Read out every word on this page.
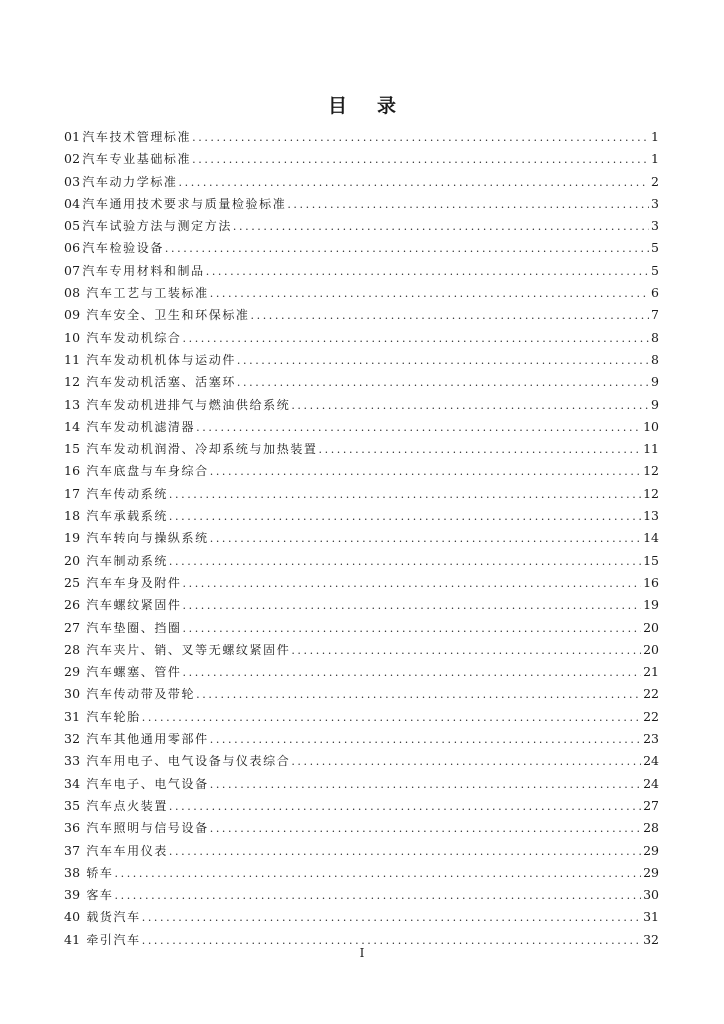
目 录
01 汽车技术管理标准 .....	1
02 汽车专业基础标准 .....	1
03 汽车动力学标准 .....	2
04 汽车通用技术要求与质量检验标准 .....	3
05 汽车试验方法与测定方法 .....	3
06 汽车检验设备 .....	5
07 汽车专用材料和制品 .....	5
08 汽车工艺与工装标准 .....	6
09 汽车安全、卫生和环保标准 .....	7
10 汽车发动机综合 .....	8
11 汽车发动机机体与运动件 .....	8
12 汽车发动机活塞、活塞环 .....	9
13 汽车发动机进排气与燃油供给系统 .....	9
14 汽车发动机滤清器 .....	10
15 汽车发动机润滑、冷却系统与加热装置 .....	11
16 汽车底盘与车身综合 .....	12
17 汽车传动系统 .....	12
18 汽车承载系统 .....	13
19 汽车转向与操纵系统 .....	14
20 汽车制动系统 .....	15
25 汽车车身及附件 .....	16
26 汽车螺纹紧固件 .....	19
27 汽车垫圈、挡圈 .....	20
28 汽车夹片、销、叉等无螺纹紧固件 .....	20
29 汽车螺塞、管件 .....	21
30 汽车传动带及带轮 .....	22
31 汽车轮胎 .....	22
32 汽车其他通用零部件 .....	23
33 汽车用电子、电气设备与仪表综合 .....	24
34 汽车电子、电气设备 .....	24
35 汽车点火装置 .....	27
36 汽车照明与信号设备 .....	28
37 汽车车用仪表 .....	29
38 轿车 .....	29
39 客车 .....	30
40 载货汽车 .....	31
41 牵引汽车 .....	32
I
